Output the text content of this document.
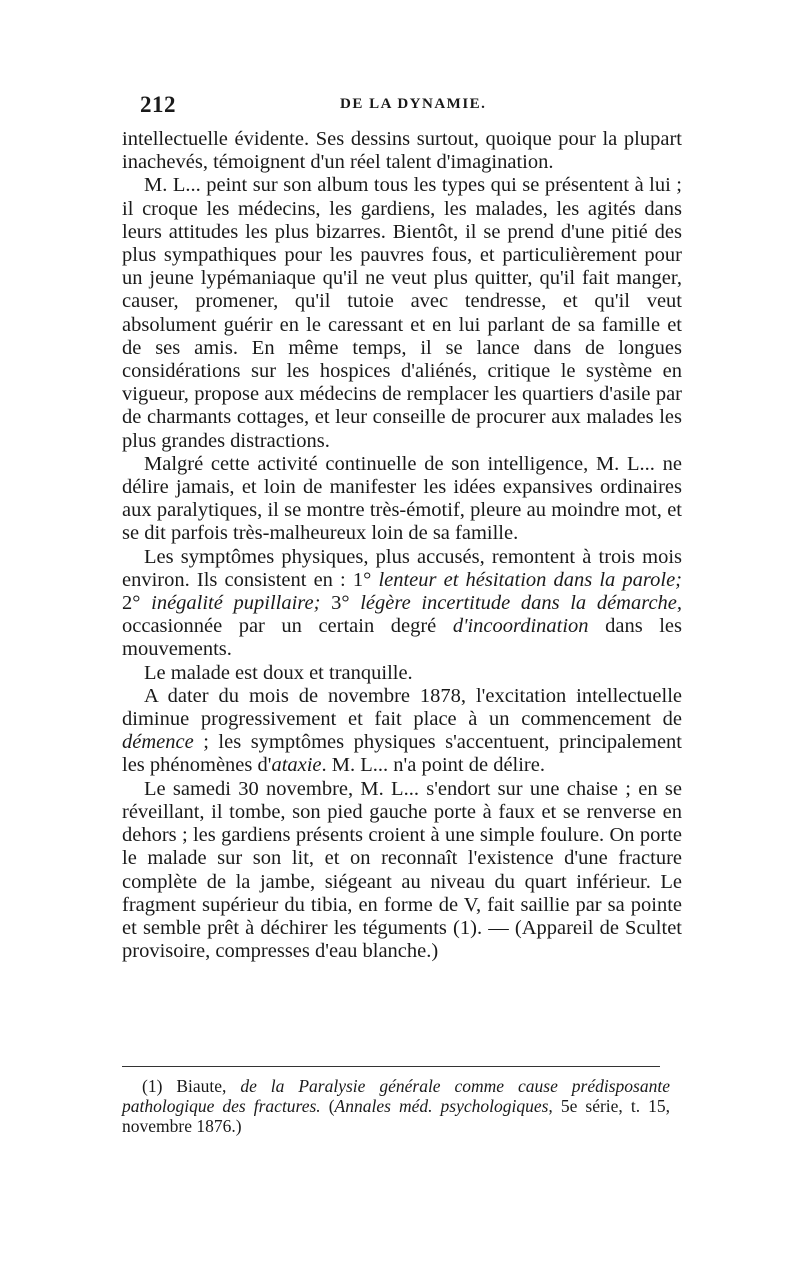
212	DE LA DYNAMIE.

intellectuelle évidente. Ses dessins surtout, quoique pour la plupart inachevés, témoignent d'un réel talent d'imagination.

M. L... peint sur son album tous les types qui se présentent à lui ; il croque les médecins, les gardiens, les malades, les agités dans leurs attitudes les plus bizarres. Bientôt, il se prend d'une pitié des plus sympathiques pour les pauvres fous, et particulièrement pour un jeune lypémaniaque qu'il ne veut plus quitter, qu'il fait manger, causer, promener, qu'il tutoie avec tendresse, et qu'il veut absolument guérir en le caressant et en lui parlant de sa famille et de ses amis. En même temps, il se lance dans de longues considérations sur les hospices d'aliénés, critique le système en vigueur, propose aux médecins de remplacer les quartiers d'asile par de charmants cottages, et leur conseille de procurer aux malades les plus grandes distractions.

Malgré cette activité continuelle de son intelligence, M. L... ne délire jamais, et loin de manifester les idées expansives ordinaires aux paralytiques, il se montre très-émotif, pleure au moindre mot, et se dit parfois très-malheureux loin de sa famille.

Les symptômes physiques, plus accusés, remontent à trois mois environ. Ils consistent en : 1° lenteur et hésitation dans la parole; 2° inégalité pupillaire; 3° légère incertitude dans la démarche, occasionnée par un certain degré d'incoordination dans les mouvements.

Le malade est doux et tranquille.

A dater du mois de novembre 1878, l'excitation intellectuelle diminue progressivement et fait place à un commencement de démence ; les symptômes physiques s'accentuent, principalement les phénomènes d'ataxie. M. L... n'a point de délire.

Le samedi 30 novembre, M. L... s'endort sur une chaise ; en se réveillant, il tombe, son pied gauche porte à faux et se renverse en dehors ; les gardiens présents croient à une simple foulure. On porte le malade sur son lit, et on reconnaît l'existence d'une fracture complète de la jambe, siégeant au niveau du quart inférieur. Le fragment supérieur du tibia, en forme de V, fait saillie par sa pointe et semble prêt à déchirer les téguments (1). — (Appareil de Scultet provisoire, compresses d'eau blanche.)

(1) Biaute, de la Paralysie générale comme cause prédisposante pathologique des fractures. (Annales méd. psychologiques, 5e série, t. 15, novembre 1876.)
